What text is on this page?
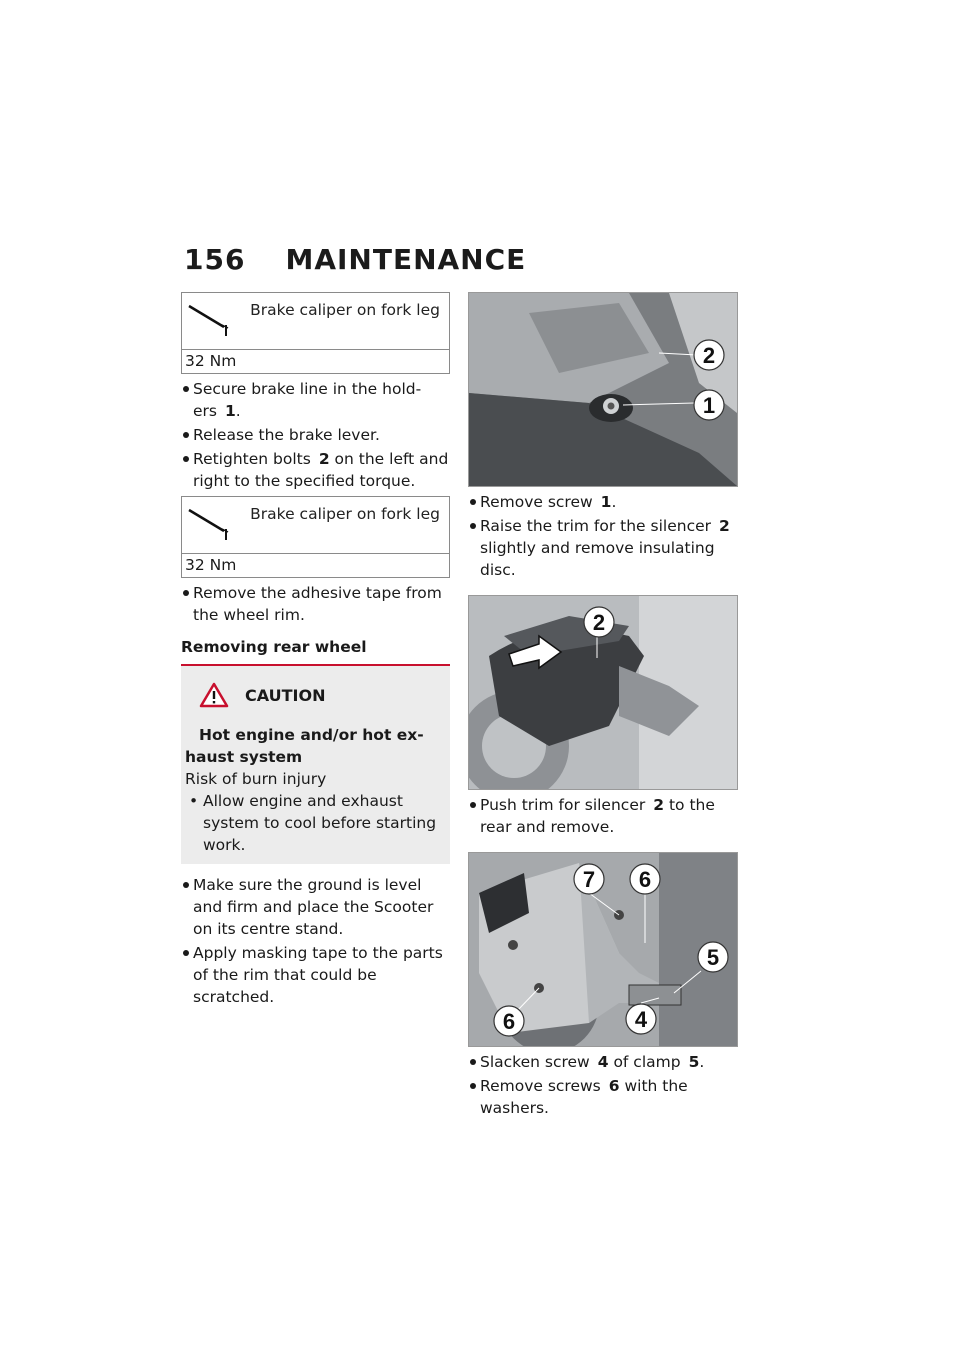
156 MAINTENANCE
Brake caliper on fork leg
32 Nm
Secure brake line in the holders 1.
Release the brake lever.
Retighten bolts 2 on the left and right to the specified torque.
Brake caliper on fork leg
32 Nm
Remove the adhesive tape from the wheel rim.
Removing rear wheel
CAUTION
Hot engine and/or hot exhaust system
Risk of burn injury
• Allow engine and exhaust system to cool before starting work.
Make sure the ground is level and firm and place the Scooter on its centre stand.
Apply masking tape to the parts of the rim that could be scratched.
2
1
Remove screw 1.
Raise the trim for the silencer 2 slightly and remove insulating disc.
2
Push trim for silencer 2 to the rear and remove.
7 6
5
6	4
Slacken screw 4 of clamp 5.
Remove screws 6 with the washers.
